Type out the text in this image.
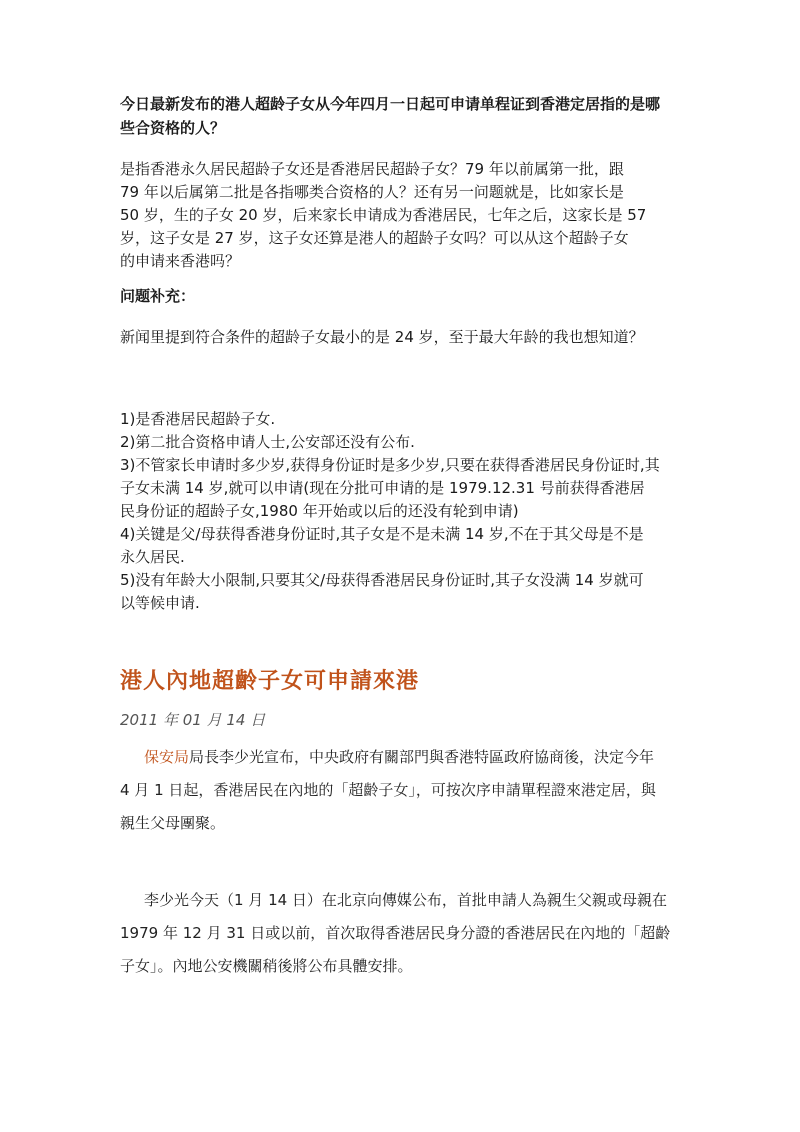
今日最新发布的港人超龄子女从今年四月一日起可申请单程证到香港定居指的是哪
些合资格的人？
是指香港永久居民超龄子女还是香港居民超龄子女？79 年以前属第一批，跟
79 年以后属第二批是各指哪类合资格的人？还有另一问题就是，比如家长是
50 岁，生的子女 20 岁，后来家长申请成为香港居民，七年之后，这家长是 57
岁，这子女是 27 岁，这子女还算是港人的超龄子女吗？可以从这个超龄子女
的申请来香港吗？
问题补充：
新闻里提到符合条件的超龄子女最小的是 24 岁，至于最大年龄的我也想知道？
1)是香港居民超龄子女.
2)第二批合资格申请人士,公安部还没有公布.
3)不管家长申请时多少岁,获得身份证时是多少岁,只要在获得香港居民身份证时,其
子女未满 14 岁,就可以申请(现在分批可申请的是 1979.12.31 号前获得香港居
民身份证的超龄子女,1980 年开始或以后的还没有轮到申请)
4)关键是父/母获得香港身份证时,其子女是不是未满 14 岁,不在于其父母是不是
永久居民.
5)没有年龄大小限制,只要其父/母获得香港居民身份证时,其子女没满 14 岁就可
以等候申请.
港人內地超齡子女可申請來港
2011 年 01 月 14 日
保安局局長李少光宣布，中央政府有關部門與香港特區政府協商後，決定今年
4 月 1 日起，香港居民在內地的「超齡子女」，可按次序申請單程證來港定居，與
親生父母團聚。
李少光今天（1 月 14 日）在北京向傳媒公布，首批申請人為親生父親或母親在
1979 年 12 月 31 日或以前，首次取得香港居民身分證的香港居民在內地的「超齡
子女」。內地公安機關稍後將公布具體安排。
